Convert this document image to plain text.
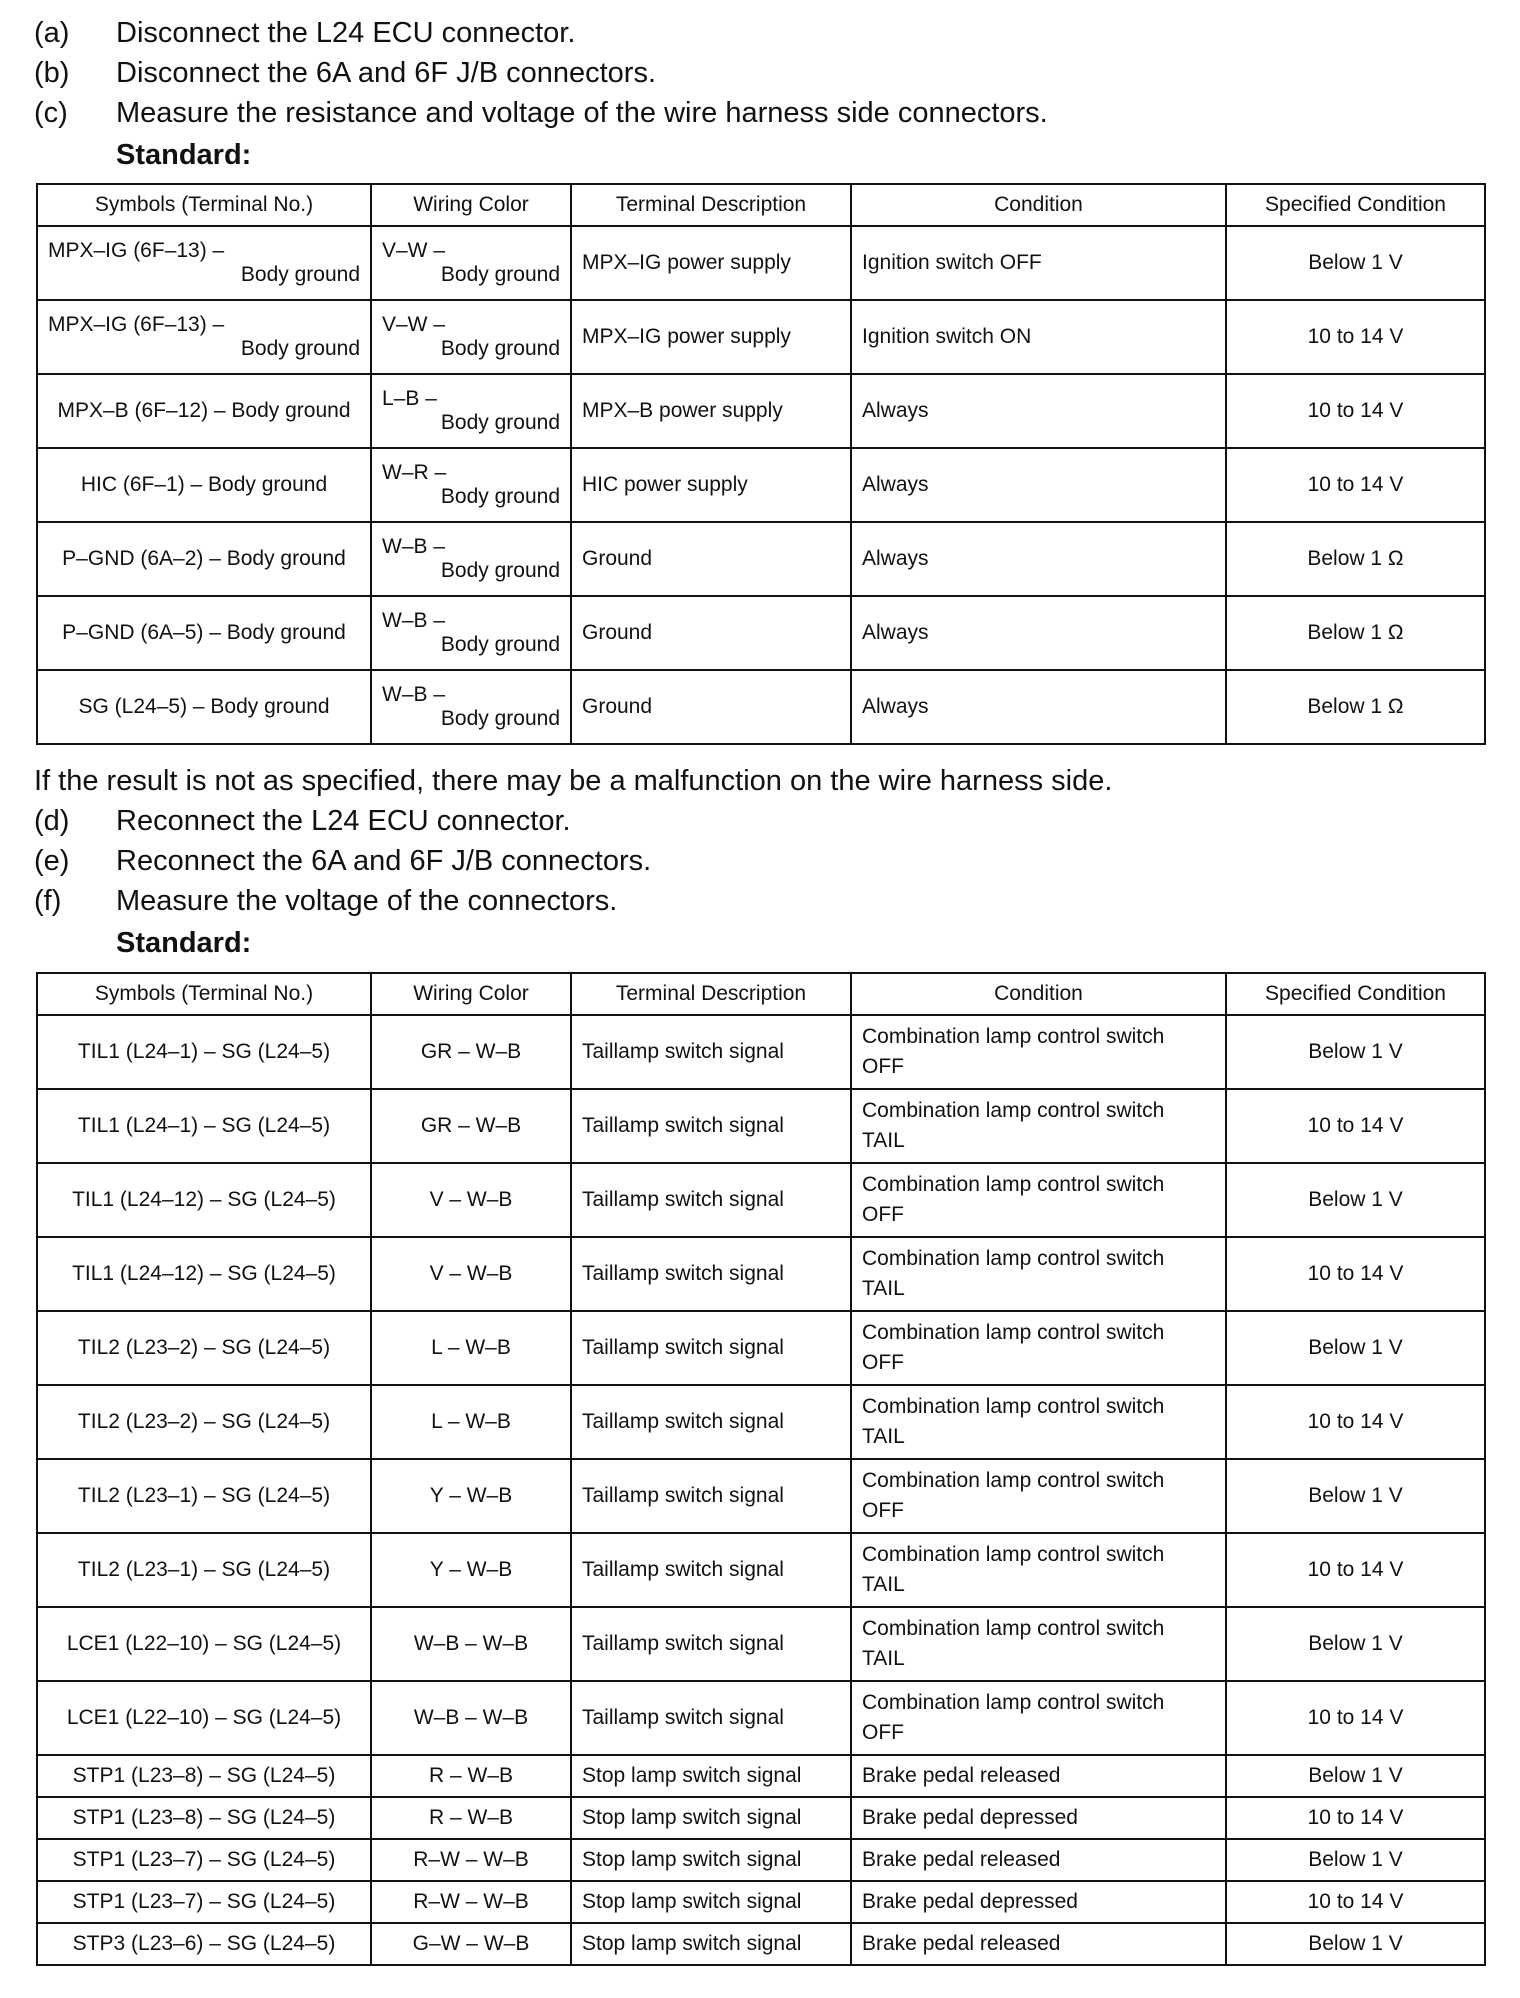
(a) Disconnect the L24 ECU connector.
(b) Disconnect the 6A and 6F J/B connectors.
(c) Measure the resistance and voltage of the wire harness side connectors.
Standard:
Symbols (Terminal No.)	Wiring Color	Terminal Description	Condition	Specified Condition

MPX–IG (6F–13) –
Body ground	V–W –
Body ground	MPX–IG power supply	Ignition switch OFF	Below 1 V

MPX–IG (6F–13) –
Body ground	V–W –
Body ground	MPX–IG power supply	Ignition switch ON	10 to 14 V
MPX–B (6F–12) – Body ground	L–B –
Body ground	MPX–B power supply	Always	10 to 14 V
HIC (6F–1) – Body ground	W–R –
Body ground	HIC power supply	Always	10 to 14 V
P–GND (6A–2) – Body ground	W–B –
Body ground	Ground	Always	Below 1 Ω
P–GND (6A–5) – Body ground	W–B –
Body ground	Ground	Always	Below 1 Ω
SG (L24–5) – Body ground	W–B –
Body ground	Ground	Always	Below 1 Ω
If the result is not as specified, there may be a malfunction on the wire harness side.
(d) Reconnect the L24 ECU connector.
(e) Reconnect the 6A and 6F J/B connectors.
(f) Measure the voltage of the connectors.
Standard:
Symbols (Terminal No.)	Wiring Color	Terminal Description	Condition	Specified Condition
TIL1 (L24–1) – SG (L24–5)	GR – W–B	Taillamp switch signal	Combination lamp control switch
OFF	Below 1 V
TIL1 (L24–1) – SG (L24–5)	GR – W–B	Taillamp switch signal	Combination lamp control switch
TAIL	10 to 14 V
TIL1 (L24–12) – SG (L24–5)	V – W–B	Taillamp switch signal	Combination lamp control switch
OFF	Below 1 V
TIL1 (L24–12) – SG (L24–5)	V – W–B	Taillamp switch signal	Combination lamp control switch
TAIL	10 to 14 V
TIL2 (L23–2) – SG (L24–5)	L – W–B	Taillamp switch signal	Combination lamp control switch
OFF	Below 1 V
TIL2 (L23–2) – SG (L24–5)	L – W–B	Taillamp switch signal	Combination lamp control switch
TAIL	10 to 14 V
TIL2 (L23–1) – SG (L24–5)	Y – W–B	Taillamp switch signal	Combination lamp control switch
OFF	Below 1 V
TIL2 (L23–1) – SG (L24–5)	Y – W–B	Taillamp switch signal	Combination lamp control switch
TAIL	10 to 14 V
LCE1 (L22–10) – SG (L24–5)	W–B – W–B	Taillamp switch signal	Combination lamp control switch
TAIL	Below 1 V
LCE1 (L22–10) – SG (L24–5)	W–B – W–B	Taillamp switch signal	Combination lamp control switch
OFF	10 to 14 V
STP1 (L23–8) – SG (L24–5)	R – W–B	Stop lamp switch signal	Brake pedal released	Below 1 V
STP1 (L23–8) – SG (L24–5)	R – W–B	Stop lamp switch signal	Brake pedal depressed	10 to 14 V
STP1 (L23–7) – SG (L24–5)	R–W – W–B	Stop lamp switch signal	Brake pedal released	Below 1 V
STP1 (L23–7) – SG (L24–5)	R–W – W–B	Stop lamp switch signal	Brake pedal depressed	10 to 14 V
STP3 (L23–6) – SG (L24–5)	G–W – W–B	Stop lamp switch signal	Brake pedal released	Below 1 V
